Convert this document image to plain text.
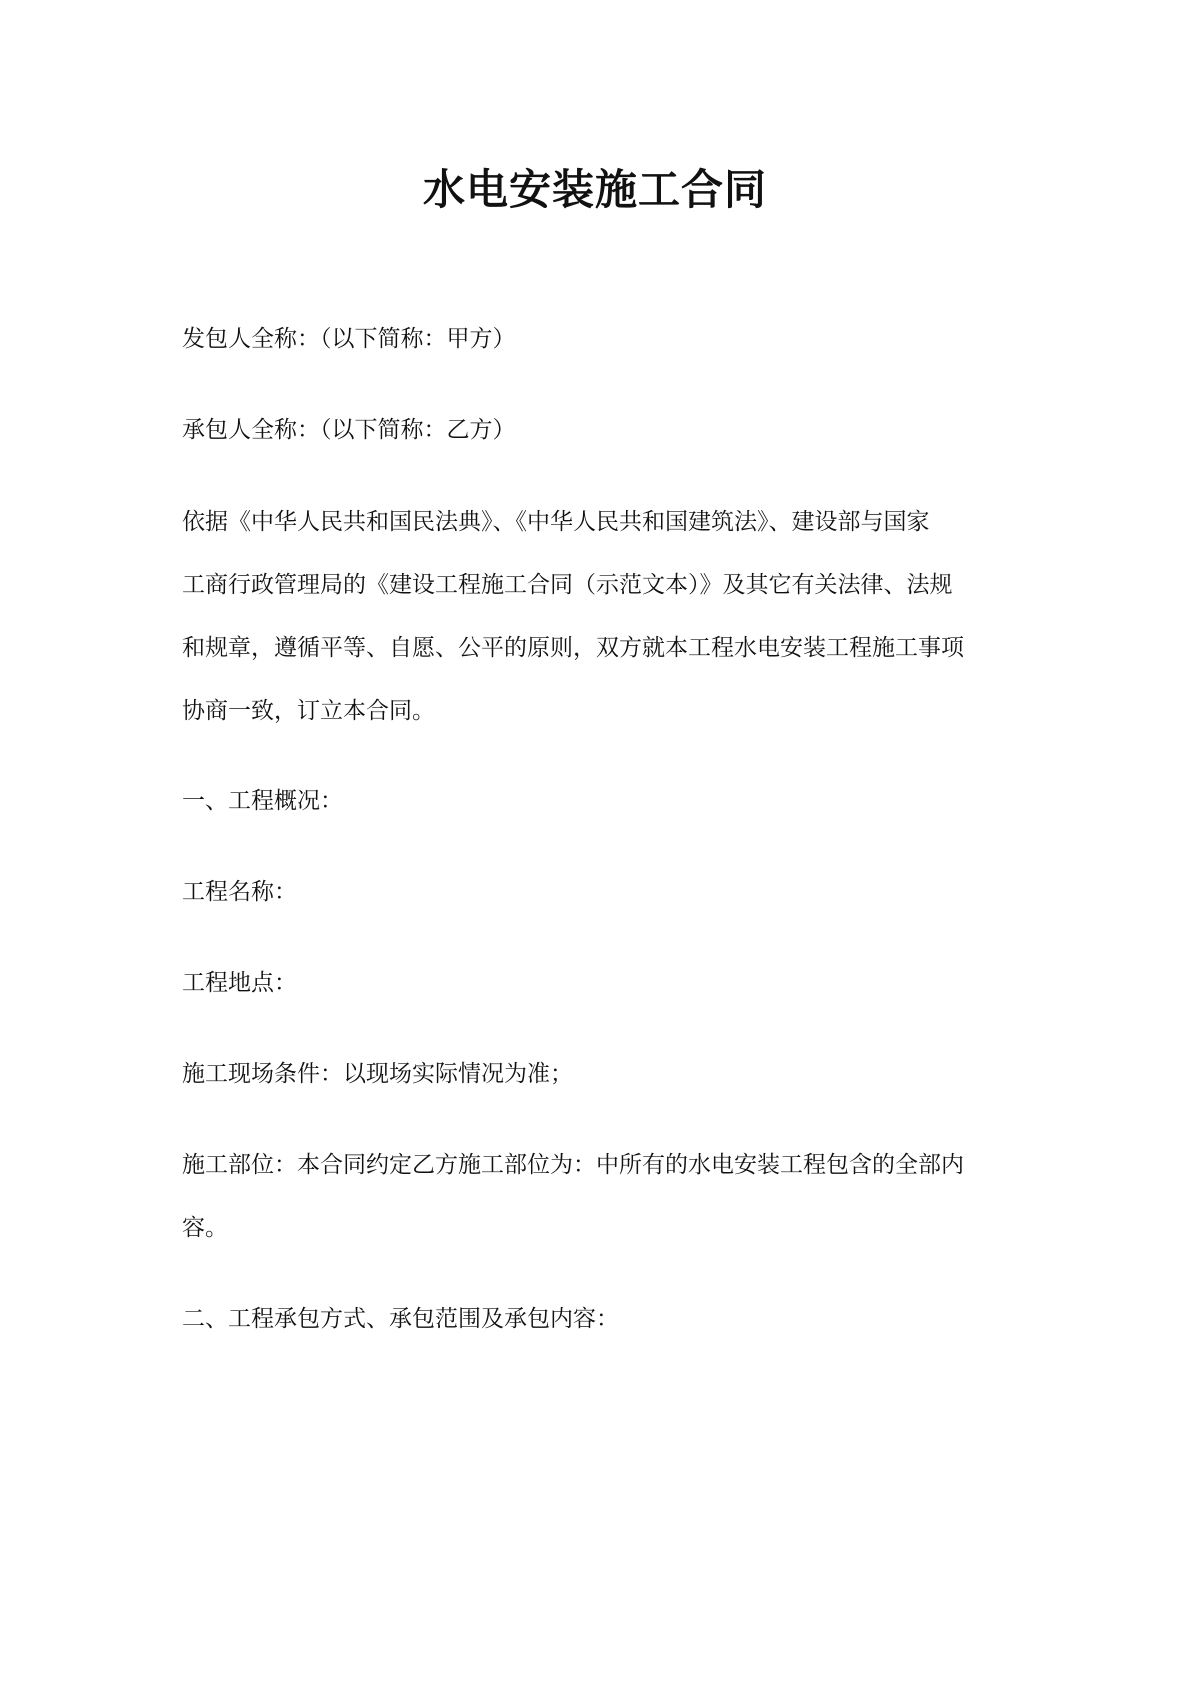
水电安装施工合同

发包人全称：（以下简称：甲方）

承包人全称：（以下简称：乙方）

依据《中华人民共和国民法典》、《中华人民共和国建筑法》、建设部与国家
工商行政管理局的《建设工程施工合同（示范文本）》及其它有关法律、法规
和规章，遵循平等、自愿、公平的原则，双方就本工程水电安装工程施工事项
协商一致，订立本合同。

一、工程概况：

工程名称：

工程地点：

施工现场条件：以现场实际情况为准；

施工部位：本合同约定乙方施工部位为：中所有的水电安装工程包含的全部内
容。

二、工程承包方式、承包范围及承包内容：
